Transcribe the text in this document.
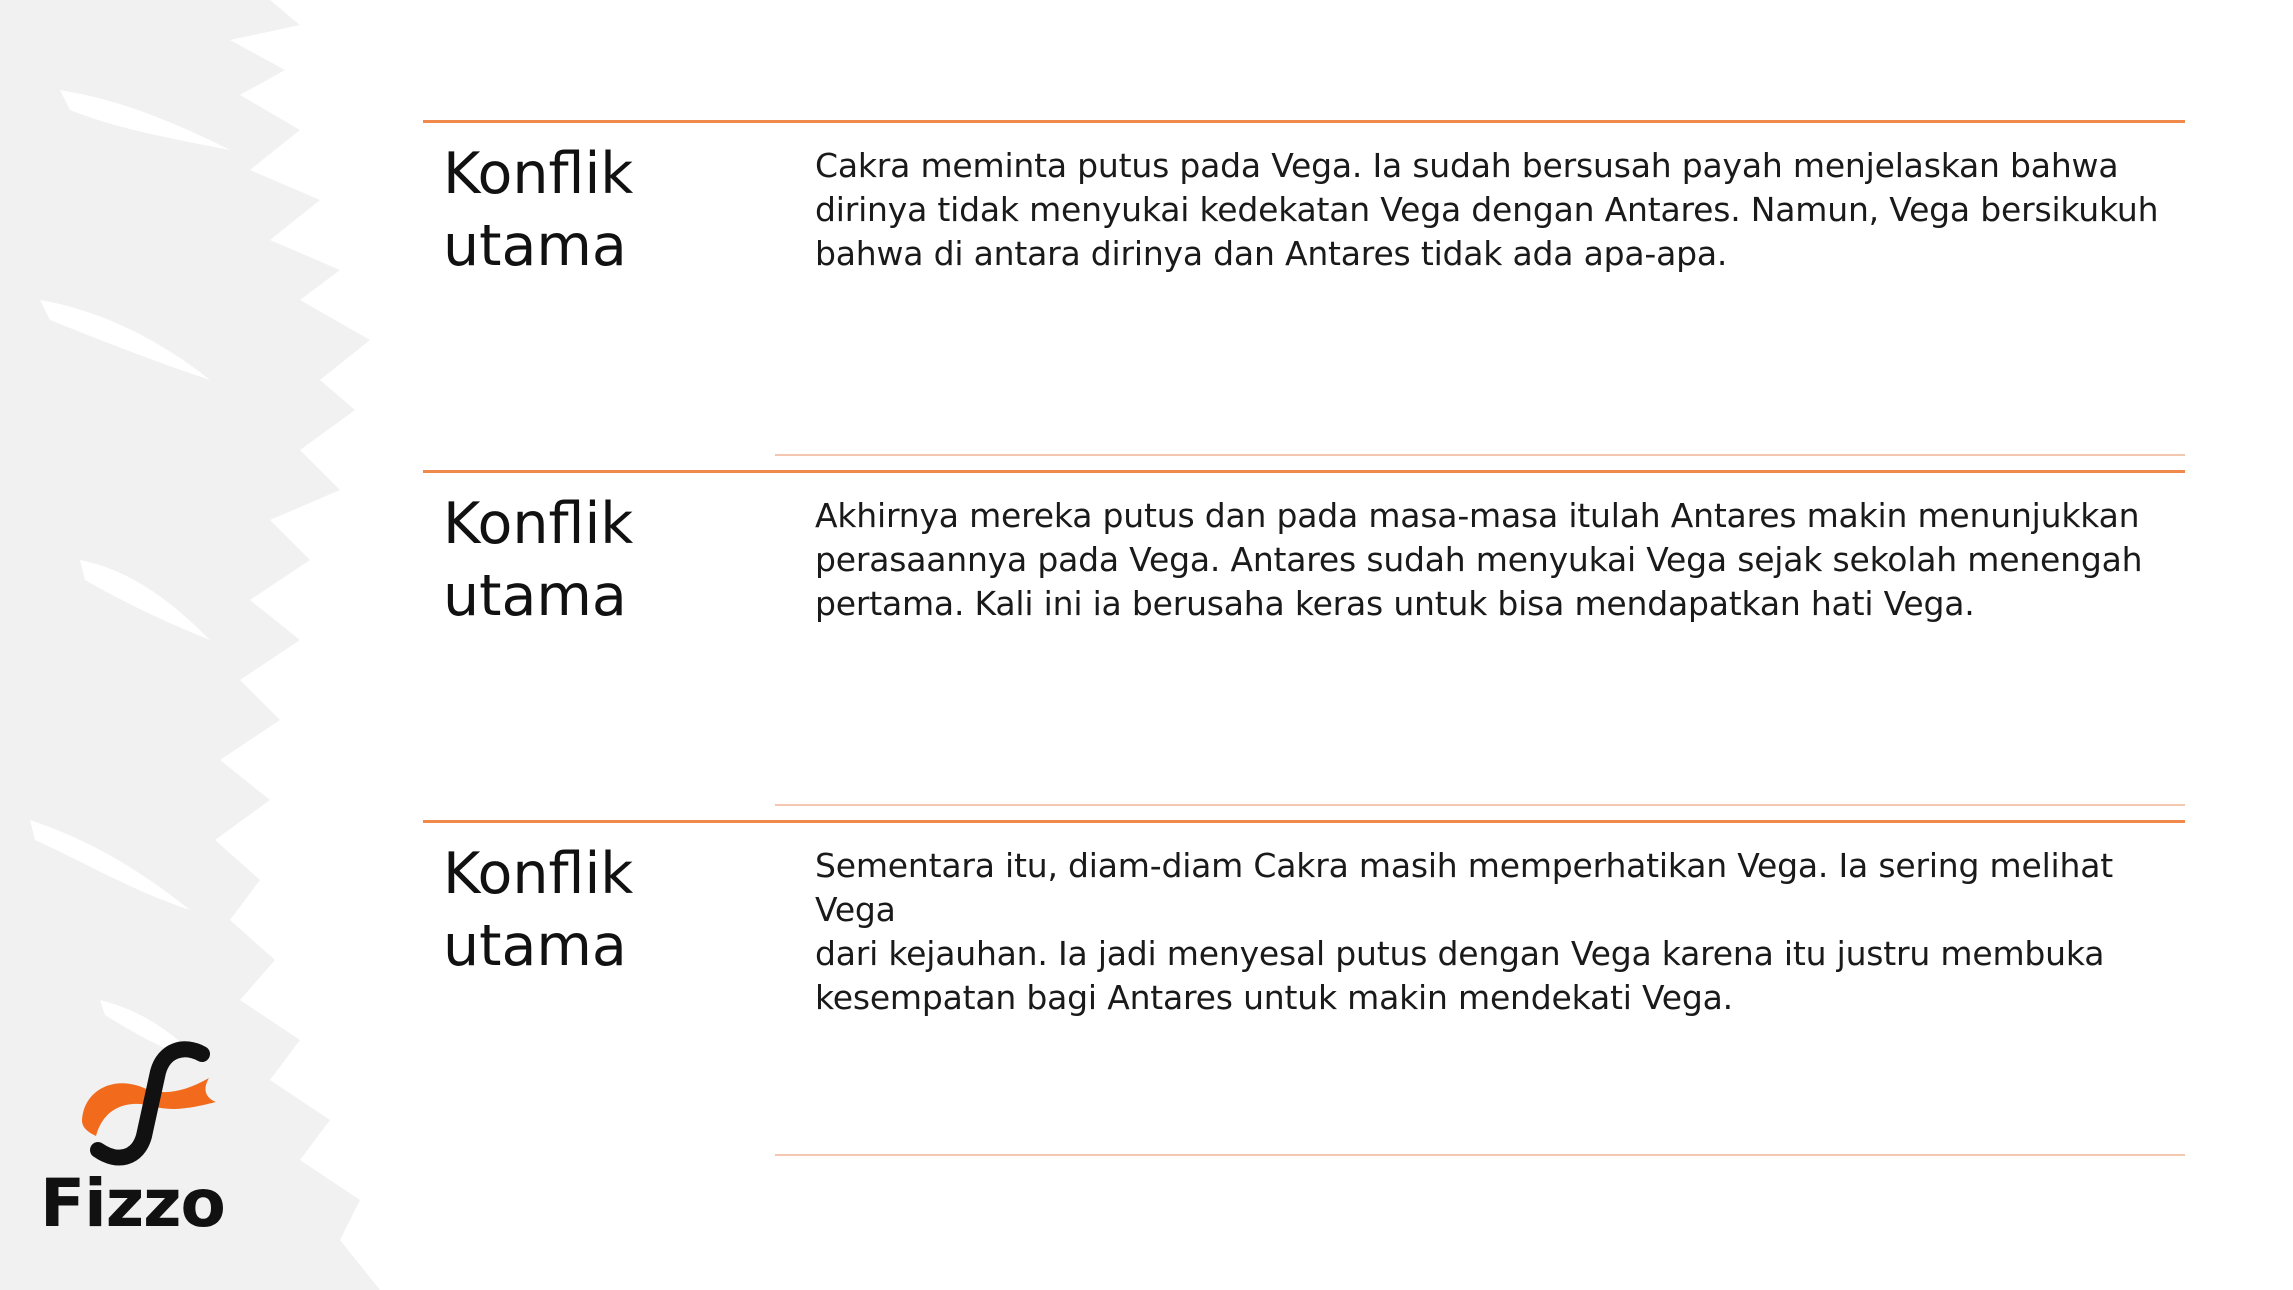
Konflik
utama

Cakra meminta putus pada Vega. Ia sudah bersusah payah menjelaskan bahwa
dirinya tidak menyukai kedekatan Vega dengan Antares. Namun, Vega bersikukuh
bahwa di antara dirinya dan Antares tidak ada apa-apa.

Konflik
utama

Akhirnya mereka putus dan pada masa-masa itulah Antares makin menunjukkan
perasaannya pada Vega. Antares sudah menyukai Vega sejak sekolah menengah
pertama. Kali ini ia berusaha keras untuk bisa mendapatkan hati Vega.

Konflik
utama

Sementara itu, diam-diam Cakra masih memperhatikan Vega. Ia sering melihat Vega
dari kejauhan. Ia jadi menyesal putus dengan Vega karena itu justru membuka
kesempatan bagi Antares untuk makin mendekati Vega.

Fizzo
